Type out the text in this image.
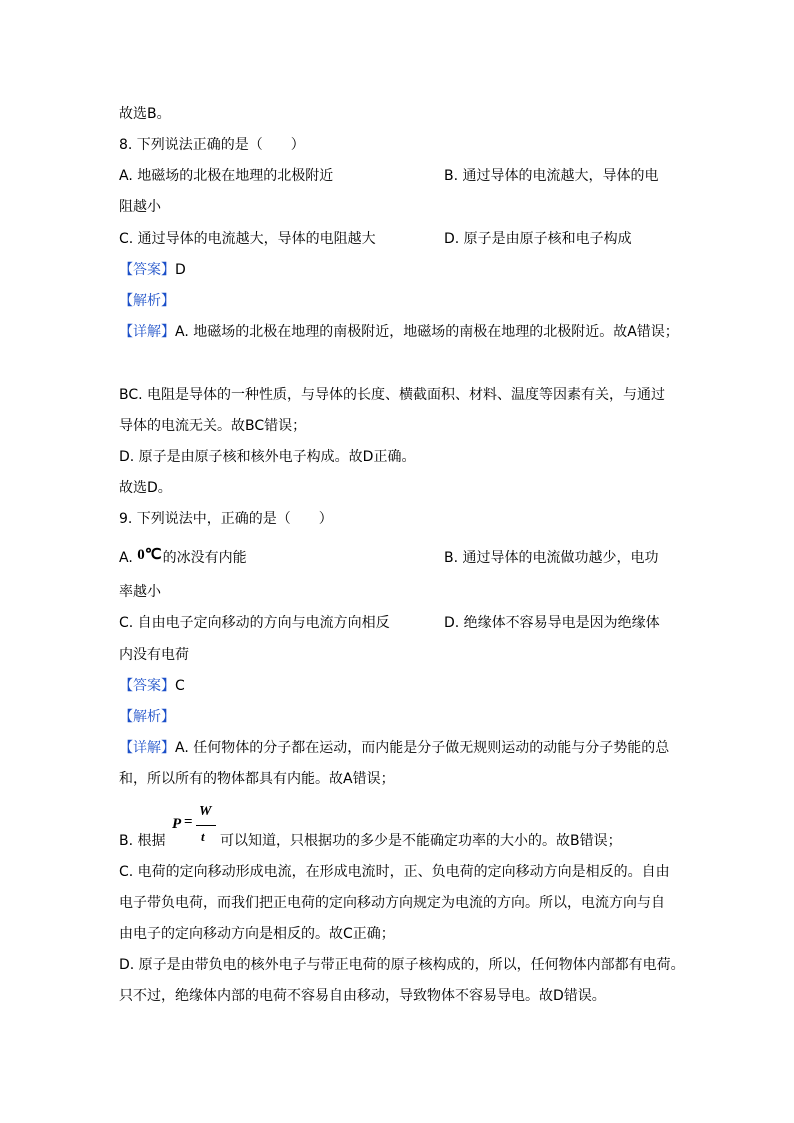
故选B。
8. 下列说法正确的是（　　）
A. 地磁场的北极在地理的北极附近	B. 通过导体的电流越大，导体的电
阻越小
C. 通过导体的电流越大，导体的电阻越大	D. 原子是由原子核和电子构成
【答案】D
【解析】
【详解】A. 地磁场的北极在地理的南极附近，地磁场的南极在地理的北极附近。故A错误；
BC. 电阻是导体的一种性质，与导体的长度、横截面积、材料、温度等因素有关，与通过
导体的电流无关。故BC错误；
D. 原子是由原子核和核外电子构成。故D正确。
故选D。
9. 下列说法中，正确的是（　　）
A. 0℃的冰没有内能	B. 通过导体的电流做功越少，电功
率越小
C. 自由电子定向移动的方向与电流方向相反	D. 绝缘体不容易导电是因为绝缘体
内没有电荷
【答案】C
【解析】
【详解】A. 任何物体的分子都在运动，而内能是分子做无规则运动的动能与分子势能的总
和，所以所有的物体都具有内能。故A错误；
P =
W
t
B. 根据	可以知道，只根据功的多少是不能确定功率的大小的。故B错误；
C. 电荷的定向移动形成电流，在形成电流时，正、负电荷的定向移动方向是相反的。自由
电子带负电荷，而我们把正电荷的定向移动方向规定为电流的方向。所以，电流方向与自
由电子的定向移动方向是相反的。故C正确；
D. 原子是由带负电的核外电子与带正电荷的原子核构成的，所以，任何物体内部都有电荷。
只不过，绝缘体内部的电荷不容易自由移动，导致物体不容易导电。故D错误。
